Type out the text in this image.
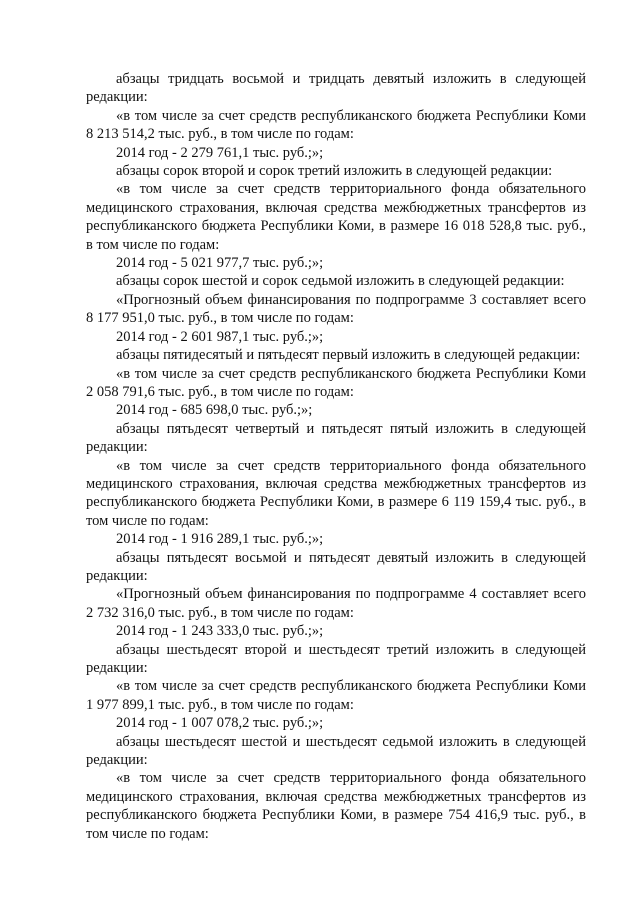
абзацы тридцать восьмой и тридцать девятый изложить в следующей редакции:

«в том числе за счет средств республиканского бюджета Республики Коми 8 213 514,2 тыс. руб., в том числе по годам:

2014 год - 2 279 761,1 тыс. руб.;»;

абзацы сорок второй и сорок третий изложить в следующей редакции:

«в том числе за счет средств территориального фонда обязательного медицинского страхования, включая средства межбюджетных трансфертов из республиканского бюджета Республики Коми, в размере 16 018 528,8 тыс. руб., в том числе по годам:

2014 год - 5 021 977,7 тыс. руб.;»;

абзацы сорок шестой и сорок седьмой изложить в следующей редакции:

«Прогнозный объем финансирования по подпрограмме 3 составляет всего 8 177 951,0 тыс. руб., в том числе по годам:

2014 год - 2 601 987,1 тыс. руб.;»;

абзацы пятидесятый и пятьдесят первый изложить в следующей редакции:

«в том числе за счет средств республиканского бюджета Республики Коми 2 058 791,6 тыс. руб., в том числе по годам:

2014 год - 685 698,0 тыс. руб.;»;

абзацы пятьдесят четвертый и пятьдесят пятый изложить в следующей редакции:

«в том числе за счет средств территориального фонда обязательного медицинского страхования, включая средства межбюджетных трансфертов из республиканского бюджета Республики Коми, в размере 6 119 159,4 тыс. руб., в том числе по годам:

2014 год - 1 916 289,1 тыс. руб.;»;

абзацы пятьдесят восьмой и пятьдесят девятый изложить в следующей редакции:

«Прогнозный объем финансирования по подпрограмме 4 составляет всего 2 732 316,0 тыс. руб., в том числе по годам:

2014 год - 1 243 333,0 тыс. руб.;»;

абзацы шестьдесят второй и шестьдесят третий изложить в следующей редакции:

«в том числе за счет средств республиканского бюджета Республики Коми 1 977 899,1 тыс. руб., в том числе по годам:

2014 год - 1 007 078,2 тыс. руб.;»;

абзацы шестьдесят шестой и шестьдесят седьмой изложить в следующей редакции:

«в том числе за счет средств территориального фонда обязательного медицинского страхования, включая средства межбюджетных трансфертов из республиканского бюджета Республики Коми, в размере 754 416,9 тыс. руб., в том числе по годам:
